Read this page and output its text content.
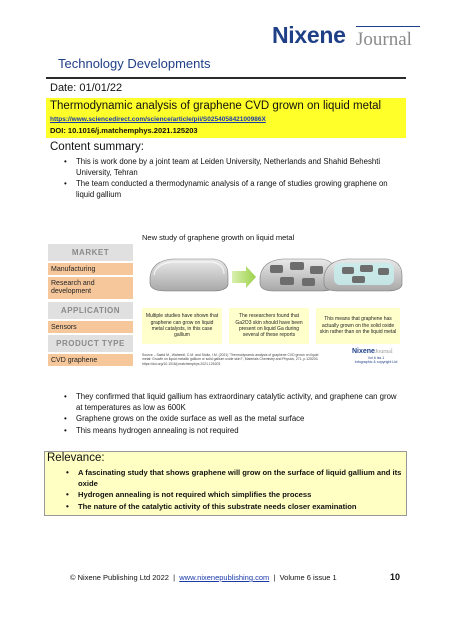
Nixene Journal
Technology Developments
Date: 01/01/22
Thermodynamic analysis of graphene CVD grown on liquid metal
https://www.sciencedirect.com/science/article/pii/S025405842100986X
DOI: 10.1016/j.matchemphys.2021.125203
Content summary:
• This is work done by a joint team at Leiden University, Netherlands and Shahid Beheshti University, Tehran
• The team conducted a thermodynamic analysis of a range of studies growing graphene on liquid gallium
MARKET
Manufacturing
Research and development
APPLICATION
Sensors
PRODUCT TYPE
CVD graphene
New study of graphene growth on liquid metal
Multiple studies have shown that graphene can grow on liquid metal catalysts, in this case gallium
The researchers found that Ga2O3 skin should have been present on liquid Ga during several of these reports
This means that graphene has actually grown on the solid oxide skin rather than on the liquid metal
Source – Saeid M., Waheedi, C.M. and Stoltz, I.M. (2021) 'Thermodynamic analysis of graphene CVD grown on liquid metal: Growth on liquid metallic gallium or solid gallium oxide skin?', Materials Chemistry and Physics, 271, p.125203. https://doi.org/10.1016/j.matchemphys.2021.125203
NixeneJournal
Vol 6 Iss 1
Infographic & copyright Ltd
• They confirmed that liquid gallium has extraordinary catalytic activity, and graphene can grow at temperatures as low as 600K
• Graphene grows on the oxide surface as well as the metal surface
• This means hydrogen annealing is not required
Relevance:
• A fascinating study that shows graphene will grow on the surface of liquid gallium and its oxide
• Hydrogen annealing is not required which simplifies the process
• The nature of the catalytic activity of this substrate needs closer examination
© Nixene Publishing Ltd 2022 | www.nixenepublishing.com | Volume 6 issue 1	10
